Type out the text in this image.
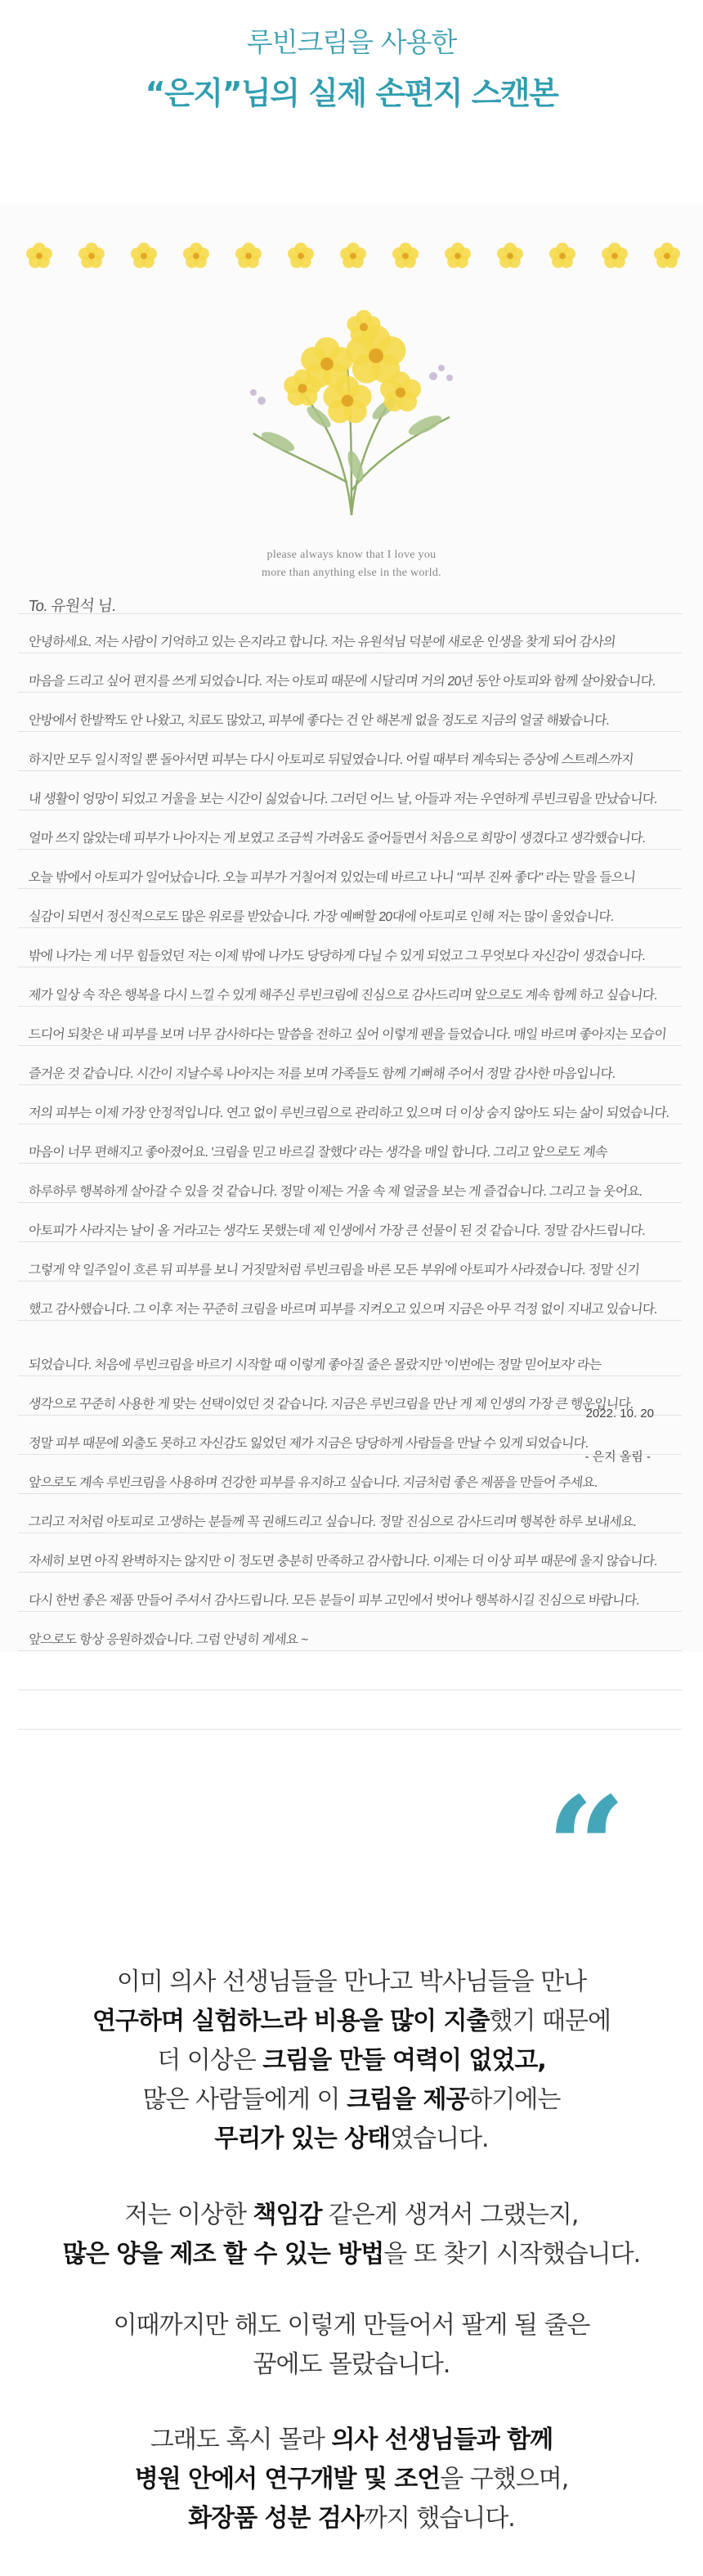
루빈크림을 사용한
“은지”님의 실제 손편지 스캔본
please always know that I love you
more than anything else in the world.
To. 유원석 님.
안녕하세요. 저는 사람이 기억하고 있는 은지라고 합니다. 저는 유원석님 덕분에 새로운 인생을 찾게 되어 감사의
마음을 드리고 싶어 편지를 쓰게 되었습니다. 저는 아토피 때문에 시달리며 거의 20년 동안 아토피와 함께 살아왔습니다.
안방에서 한발짝도 안 나왔고, 치료도 많았고, 피부에 좋다는 건 안 해본게 없을 정도로 지금의 얼굴 해봤습니다.
하지만 모두 일시적일 뿐 돌아서면 피부는 다시 아토피로 뒤덮였습니다. 어릴 때부터 계속되는 증상에 스트레스까지
내 생활이 엉망이 되었고 거울을 보는 시간이 싫었습니다. 그러던 어느 날, 아들과 저는 우연하게 루빈크림을 만났습니다.
얼마 쓰지 않았는데 피부가 나아지는 게 보였고 조금씩 가려움도 줄어들면서 처음으로 희망이 생겼다고 생각했습니다.
오늘 밖에서 아토피가 일어났습니다. 오늘 피부가 거칠어져 있었는데 바르고 나니 "피부 진짜 좋다" 라는 말을 들으니
실감이 되면서 정신적으로도 많은 위로를 받았습니다. 가장 예뻐할 20대에 아토피로 인해 저는 많이 울었습니다.
밖에 나가는 게 너무 힘들었던 저는 이제 밖에 나가도 당당하게 다닐 수 있게 되었고 그 무엇보다 자신감이 생겼습니다.
제가 일상 속 작은 행복을 다시 느낄 수 있게 해주신 루빈크림에 진심으로 감사드리며 앞으로도 계속 함께 하고 싶습니다.
드디어 되찾은 내 피부를 보며 너무 감사하다는 말씀을 전하고 싶어 이렇게 펜을 들었습니다. 매일 바르며 좋아지는 모습이
즐거운 것 같습니다. 시간이 지날수록 나아지는 저를 보며 가족들도 함께 기뻐해 주어서 정말 감사한 마음입니다.
저의 피부는 이제 가장 안정적입니다. 연고 없이 루빈크림으로 관리하고 있으며 더 이상 숨지 않아도 되는 삶이 되었습니다.
마음이 너무 편해지고 좋아졌어요. '크림을 믿고 바르길 잘했다' 라는 생각을 매일 합니다. 그리고 앞으로도 계속
하루하루 행복하게 살아갈 수 있을 것 같습니다. 정말 이제는 거울 속 제 얼굴을 보는 게 즐겁습니다. 그리고 늘 웃어요.
아토피가 사라지는 날이 올 거라고는 생각도 못했는데 제 인생에서 가장 큰 선물이 된 것 같습니다. 정말 감사드립니다.
그렇게 약 일주일이 흐른 뒤 피부를 보니 거짓말처럼 루빈크림을 바른 모든 부위에 아토피가 사라졌습니다. 정말 신기
했고 감사했습니다. 그 이후 저는 꾸준히 크림을 바르며 피부를 지켜오고 있으며 지금은 아무 걱정 없이 지내고 있습니다.
되었습니다. 처음에 루빈크림을 바르기 시작할 때 이렇게 좋아질 줄은 몰랐지만 '이번에는 정말 믿어보자' 라는
생각으로 꾸준히 사용한 게 맞는 선택이었던 것 같습니다. 지금은 루빈크림을 만난 게 제 인생의 가장 큰 행운입니다.
정말 피부 때문에 외출도 못하고 자신감도 잃었던 제가 지금은 당당하게 사람들을 만날 수 있게 되었습니다.
앞으로도 계속 루빈크림을 사용하며 건강한 피부를 유지하고 싶습니다. 지금처럼 좋은 제품을 만들어 주세요.
그리고 저처럼 아토피로 고생하는 분들께 꼭 권해드리고 싶습니다. 정말 진심으로 감사드리며 행복한 하루 보내세요.
자세히 보면 아직 완벽하지는 않지만 이 정도면 충분히 만족하고 감사합니다. 이제는 더 이상 피부 때문에 울지 않습니다.
다시 한번 좋은 제품 만들어 주셔서 감사드립니다. 모든 분들이 피부 고민에서 벗어나 행복하시길 진심으로 바랍니다.
앞으로도 항상 응원하겠습니다. 그럼 안녕히 계세요 ~
2022. 10. 20
- 은지 올림 -
“
이미 의사 선생님들을 만나고 박사님들을 만나
연구하며 실험하느라 비용을 많이 지출했기 때문에
더 이상은 크림을 만들 여력이 없었고,
많은 사람들에게 이 크림을 제공하기에는
무리가 있는 상태였습니다.
저는 이상한 책임감 같은게 생겨서 그랬는지,
많은 양을 제조 할 수 있는 방법을 또 찾기 시작했습니다.
이때까지만 해도 이렇게 만들어서 팔게 될 줄은
꿈에도 몰랐습니다.
그래도 혹시 몰라 의사 선생님들과 함께
병원 안에서 연구개발 및 조언을 구했으며,
화장품 성분 검사까지 했습니다.
